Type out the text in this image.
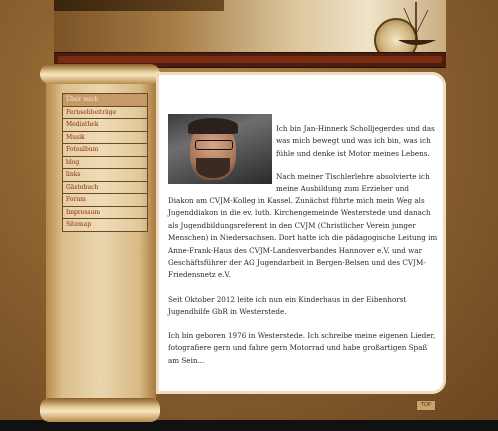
Über mich
Fernsehbeiträge
Mediathek
Musik
Fotoalbum
blog
links
Gästebuch
Forum
Impressum
Sitemap
Ich bin Jan-Hinnerk Scholljegerdes und das was mich bewegt und was ich bin, was ich fühle und denke ist Motor meines Lebens.
Nach meiner Tischlerlehre absolvierte ich meine Ausbildung zum Erzieher und
Diakon am CVJM-Kolleg in Kassel. Zunächst führte mich mein Weg als Jugenddiakon in die ev. luth. Kirchengemeinde Westerstede und danach als Jugendbildungsreferent in den CVJM (Christlicher Verein junger Menschen) in Niedersachsen. Dort hatte ich die pädagogische Leitung im Anne-Frank-Haus des CVJM-Landesverbandes Hannover e.V. und war Geschäftsführer der AG Jugendarbeit in Bergen-Belsen und des CVJM-Friedensnetz e.V.
Seit Oktober 2012 leite ich nun ein Kinderhaus in der Eibenhorst Jugendhilfe GbR in Westerstede.
Ich bin geboren 1976 in Westerstede. Ich schreibe meine eigenen Lieder, fotografiere gern und fahre gern Motorrad und habe großartigen Spaß am Sein...
TOP
